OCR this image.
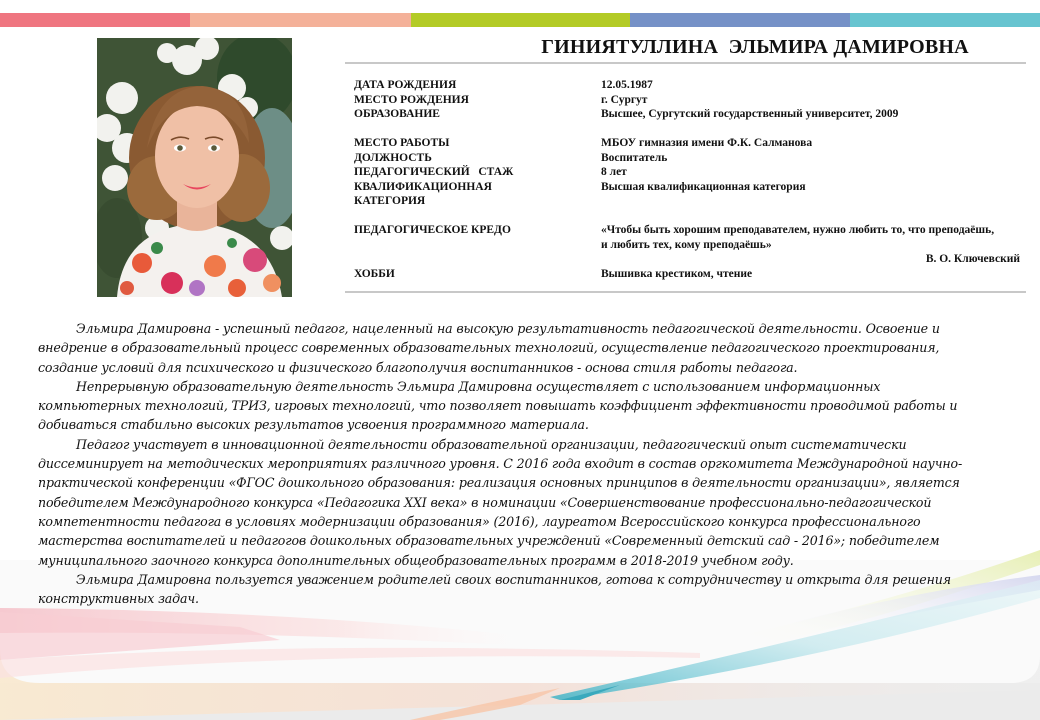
ГИНИЯТУЛЛИНА  ЭЛЬМИРА ДАМИРОВНА
ДАТА РОЖДЕНИЯ	12.05.1987
МЕСТО РОЖДЕНИЯ	г. Сургут
ОБРАЗОВАНИЕ	Высшее, Сургутский государственный университет, 2009
МЕСТО РАБОТЫ	МБОУ гимназия имени Ф.К. Салманова
ДОЛЖНОСТЬ	Воспитатель
ПЕДАГОГИЧЕСКИЙ   СТАЖ	8 лет
КВАЛИФИКАЦИОННАЯ	Высшая квалификационная категория
КАТЕГОРИЯ
ПЕДАГОГИЧЕСКОЕ КРЕДО	«Чтобы быть хорошим преподавателем, нужно любить то, что преподаёшь,
и любить тех, кому преподаёшь»
В. О. Ключевский
ХОББИ	Вышивка крестиком, чтение

Эльмира Дамировна - успешный педагог, нацеленный на высокую результативность педагогической деятельности. Освоение и внедрение в образовательный процесс современных образовательных технологий, осуществление педагогического проектирования, создание условий для психического и физического благополучия воспитанников - основа стиля работы педагога.

Непрерывную образовательную деятельность Эльмира Дамировна осуществляет с использованием информационных компьютерных технологий, ТРИЗ, игровых технологий, что позволяет повышать коэффициент эффективности проводимой работы и добиваться стабильно высоких результатов усвоения программного материала.

Педагог участвует в инновационной деятельности образовательной организации, педагогический опыт систематически диссеминирует на методических мероприятиях различного уровня. С 2016 года входит в состав оргкомитета Международной научно-практической конференции «ФГОС дошкольного образования: реализация основных принципов в деятельности организации», является победителем Международного конкурса «Педагогика XXI века» в номинации «Совершенствование профессионально-педагогической компетентности педагога в условиях модернизации образования» (2016), лауреатом Всероссийского конкурса профессионального мастерства воспитателей и педагогов дошкольных образовательных учреждений «Современный детский сад - 2016»; победителем муниципального заочного конкурса дополнительных общеобразовательных программ в 2018-2019 учебном году.

Эльмира Дамировна пользуется уважением родителей своих воспитанников, готова к сотрудничеству и открыта для решения конструктивных задач.
